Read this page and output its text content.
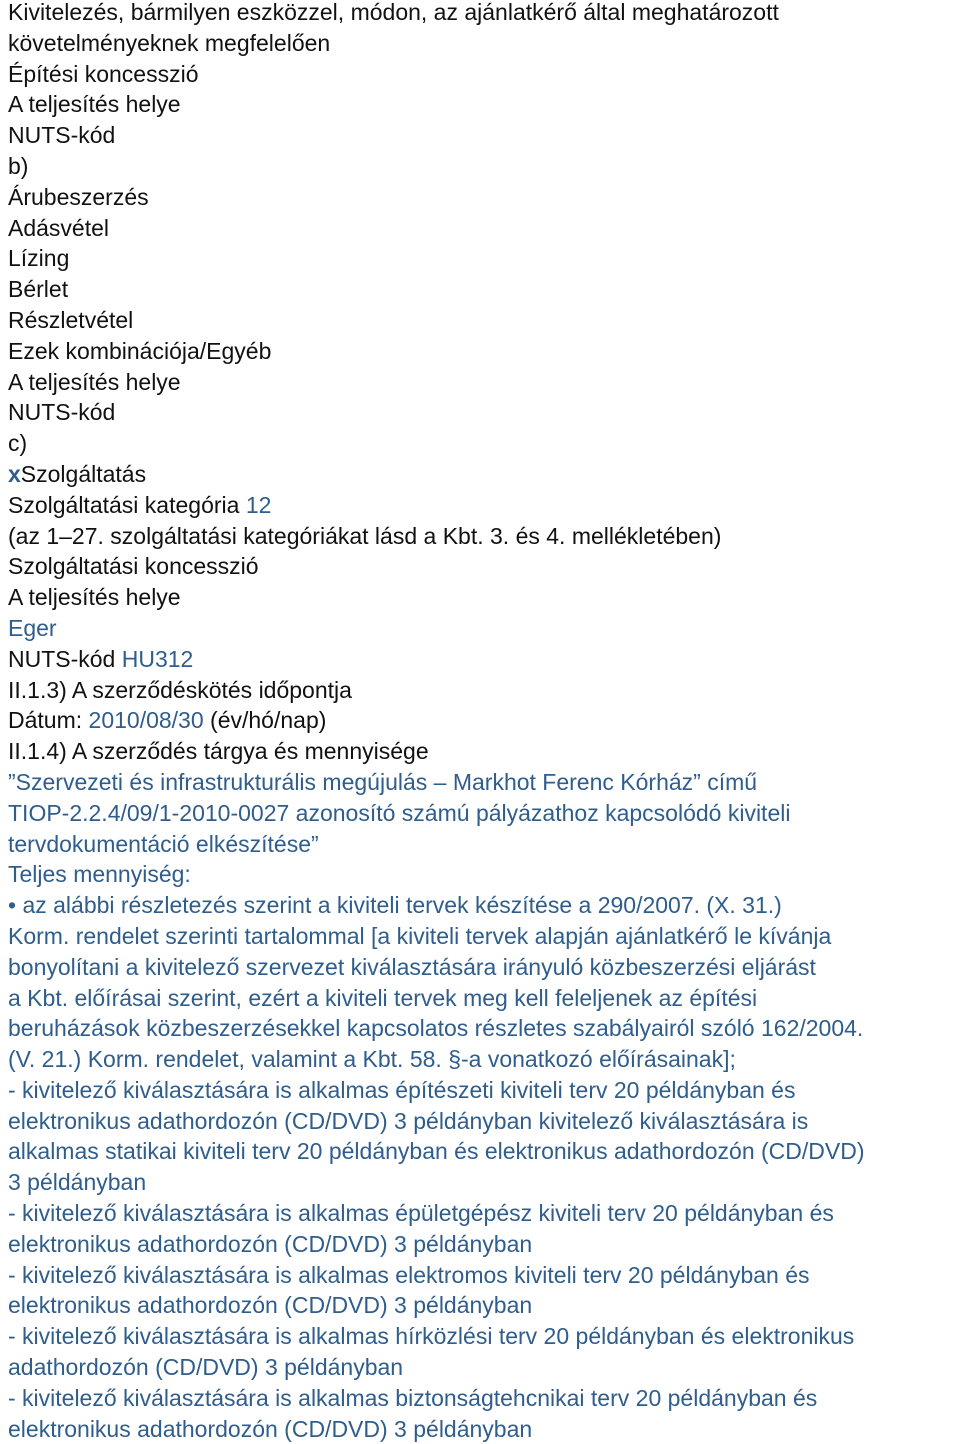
Kivitelezés, bármilyen eszközzel, módon, az ajánlatkérő által meghatározott
követelményeknek megfelelően
Építési koncesszió
A teljesítés helye
NUTS-kód
b)
Árubeszerzés
Adásvétel
Lízing
Bérlet
Részletvétel
Ezek kombinációja/Egyéb
A teljesítés helye
NUTS-kód
c)
xSzolgáltatás
Szolgáltatási kategória 12
(az 1–27. szolgáltatási kategóriákat lásd a Kbt. 3. és 4. mellékletében)
Szolgáltatási koncesszió
A teljesítés helye
Eger
NUTS-kód HU312
II.1.3) A szerződéskötés időpontja
Dátum: 2010/08/30 (év/hó/nap)
II.1.4) A szerződés tárgya és mennyisége
”Szervezeti és infrastrukturális megújulás – Markhot Ferenc Kórház” című
TIOP-2.2.4/09/1-2010-0027 azonosító számú pályázathoz kapcsolódó kiviteli
tervdokumentáció elkészítése”
Teljes mennyiség:
• az alábbi részletezés szerint a kiviteli tervek készítése a 290/2007. (X. 31.)
Korm. rendelet szerinti tartalommal [a kiviteli tervek alapján ajánlatkérő le kívánja
bonyolítani a kivitelező szervezet kiválasztására irányuló közbeszerzési eljárást
a Kbt. előírásai szerint, ezért a kiviteli tervek meg kell feleljenek az építési
beruházások közbeszerzésekkel kapcsolatos részletes szabályairól szóló 162/2004.
(V. 21.) Korm. rendelet, valamint a Kbt. 58. §-a vonatkozó előírásainak];
- kivitelező kiválasztására is alkalmas építészeti kiviteli terv 20 példányban és
elektronikus adathordozón (CD/DVD) 3 példányban kivitelező kiválasztására is
alkalmas statikai kiviteli terv 20 példányban és elektronikus adathordozón (CD/DVD)
3 példányban
- kivitelező kiválasztására is alkalmas épületgépész kiviteli terv 20 példányban és
elektronikus adathordozón (CD/DVD) 3 példányban
- kivitelező kiválasztására is alkalmas elektromos kiviteli terv 20 példányban és
elektronikus adathordozón (CD/DVD) 3 példányban
- kivitelező kiválasztására is alkalmas hírközlési terv 20 példányban és elektronikus
adathordozón (CD/DVD) 3 példányban
- kivitelező kiválasztására is alkalmas biztonságtehcnikai terv 20 példányban és
elektronikus adathordozón (CD/DVD) 3 példányban
